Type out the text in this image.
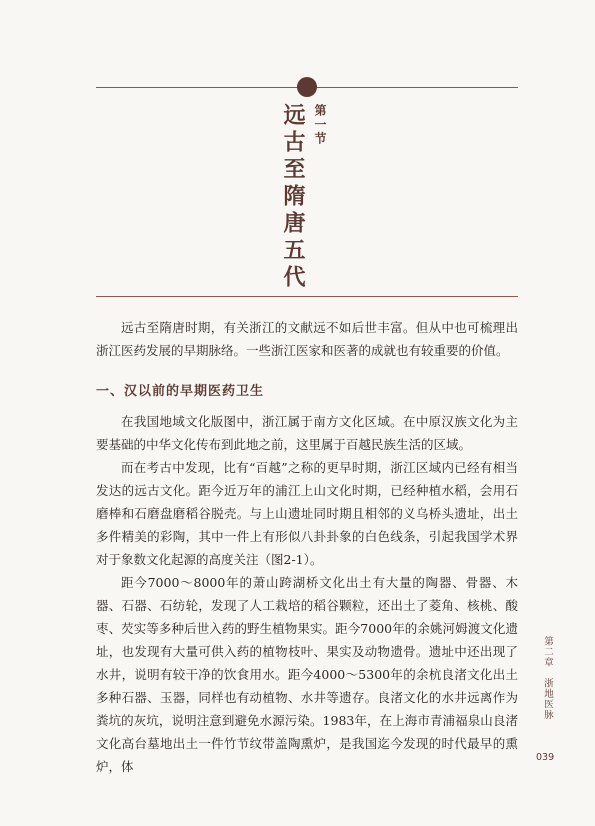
第一节
远古至隋唐五代

远古至隋唐时期，有关浙江的文献远不如后世丰富。但从中也可梳理出浙江医药发展的早期脉络。一些浙江医家和医著的成就也有较重要的价值。

一、汉以前的早期医药卫生

在我国地域文化版图中，浙江属于南方文化区域。在中原汉族文化为主要基础的中华文化传布到此地之前，这里属于百越民族生活的区域。

而在考古中发现，比有“百越”之称的更早时期，浙江区域内已经有相当发达的远古文化。距今近万年的浦江上山文化时期，已经种植水稻，会用石磨棒和石磨盘磨稻谷脱壳。与上山遗址同时期且相邻的义乌桥头遗址，出土多件精美的彩陶，其中一件上有形似八卦卦象的白色线条，引起我国学术界对于象数文化起源的高度关注（图2-1）。

距今7000～8000年的萧山跨湖桥文化出土有大量的陶器、骨器、木器、石器、石纺轮，发现了人工栽培的稻谷颗粒，还出土了菱角、核桃、酸枣、芡实等多种后世入药的野生植物果实。距今7000年的余姚河姆渡文化遗址，也发现有大量可供入药的植物枝叶、果实及动物遗骨。遗址中还出现了水井，说明有较干净的饮食用水。距今4000～5300年的余杭良渚文化出土多种石器、玉器，同样也有动植物、水井等遗存。良渚文化的水井远离作为粪坑的灰坑，说明注意到避免水源污染。1983年，在上海市青浦福泉山良渚文化高台墓地出土一件竹节纹带盖陶熏炉，是我国迄今发现的时代最早的熏炉，体

第二章　浙地医脉
039
